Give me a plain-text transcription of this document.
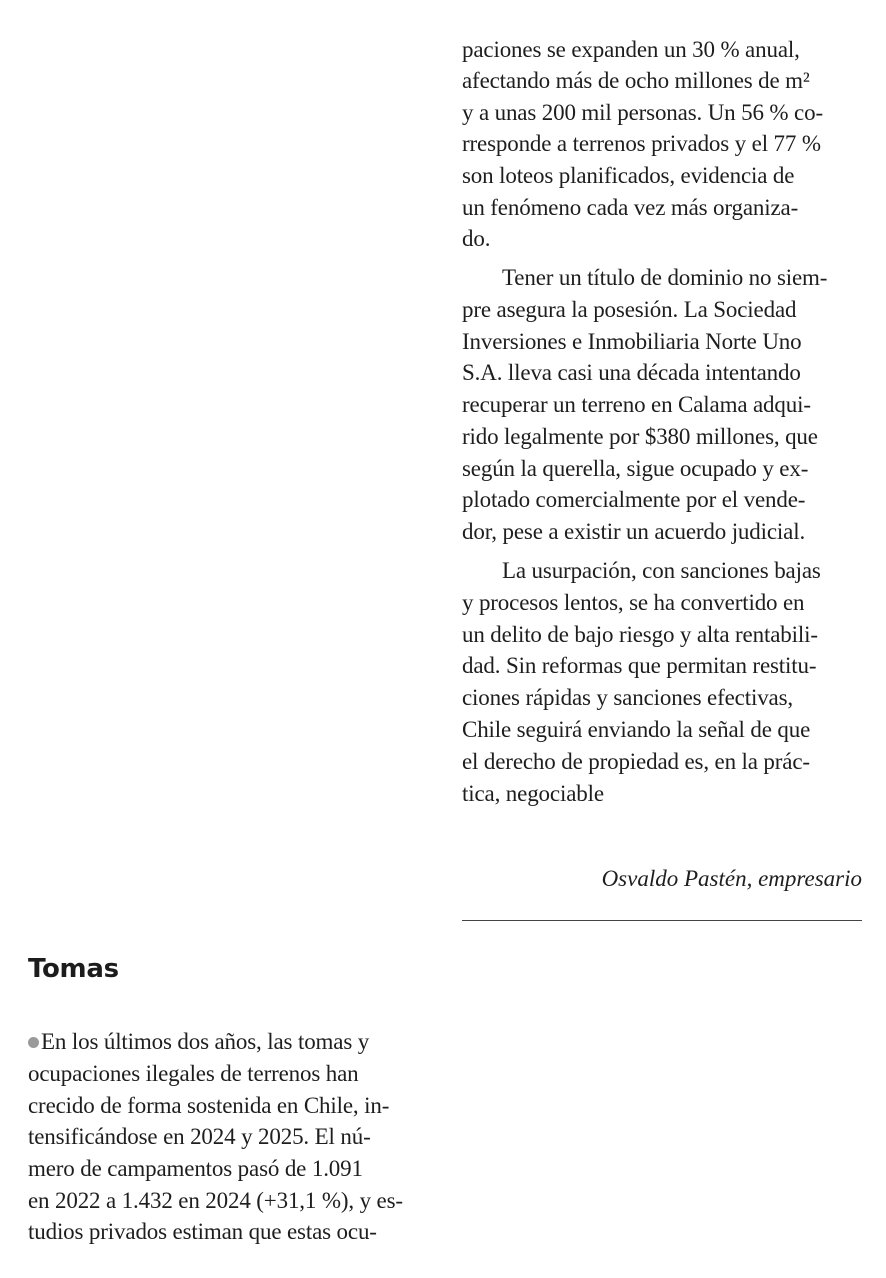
paciones se expanden un 30 % anual,
afectando más de ocho millones de m²
y a unas 200 mil personas. Un 56 % co-
rresponde a terrenos privados y el 77 %
son loteos planificados, evidencia de
un fenómeno cada vez más organiza-
do.
Tener un título de dominio no siem-
pre asegura la posesión. La Sociedad
Inversiones e Inmobiliaria Norte Uno
S.A. lleva casi una década intentando
recuperar un terreno en Calama adqui-
rido legalmente por $380 millones, que
según la querella, sigue ocupado y ex-
plotado comercialmente por el vende-
dor, pese a existir un acuerdo judicial.
La usurpación, con sanciones bajas
y procesos lentos, se ha convertido en
un delito de bajo riesgo y alta rentabili-
dad. Sin reformas que permitan restitu-
ciones rápidas y sanciones efectivas,
Chile seguirá enviando la señal de que
el derecho de propiedad es, en la prác-
tica, negociable
Osvaldo Pastén, empresario
Tomas
En los últimos dos años, las tomas y
ocupaciones ilegales de terrenos han
crecido de forma sostenida en Chile, in-
tensificándose en 2024 y 2025. El nú-
mero de campamentos pasó de 1.091
en 2022 a 1.432 en 2024 (+31,1 %), y es-
tudios privados estiman que estas ocu-
